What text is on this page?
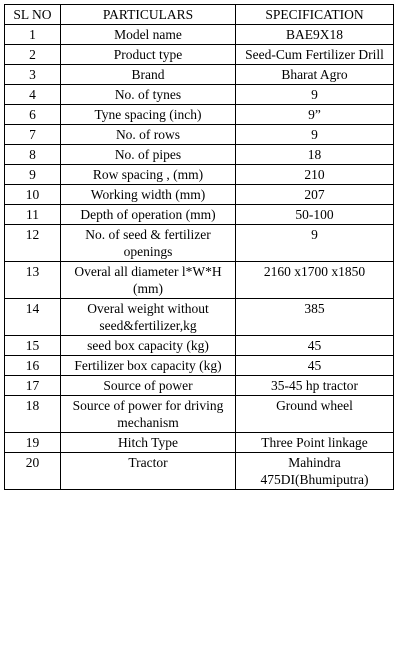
SL NO	PARTICULARS	SPECIFICATION
1	Model name	BAE9X18
2	Product type	Seed-Cum Fertilizer Drill
3	Brand	Bharat Agro
4	No. of tynes	9
6	Tyne spacing (inch)	9”
7	No. of rows	9
8	No. of pipes	18
9	Row spacing , (mm)	210
10	Working width (mm)	207
11	Depth of operation (mm)	50-100
12	No. of seed & fertilizer openings	9
13	Overal all diameter l*W*H (mm)	2160 x1700 x1850
14	Overal weight without seed&fertilizer,kg	385
15	seed box capacity (kg)	45
16	Fertilizer box capacity (kg)	45
17	Source of power	35-45 hp tractor
18	Source of power for driving mechanism	Ground wheel
19	Hitch Type	Three Point linkage
20	Tractor	Mahindra 475DI(Bhumiputra)
